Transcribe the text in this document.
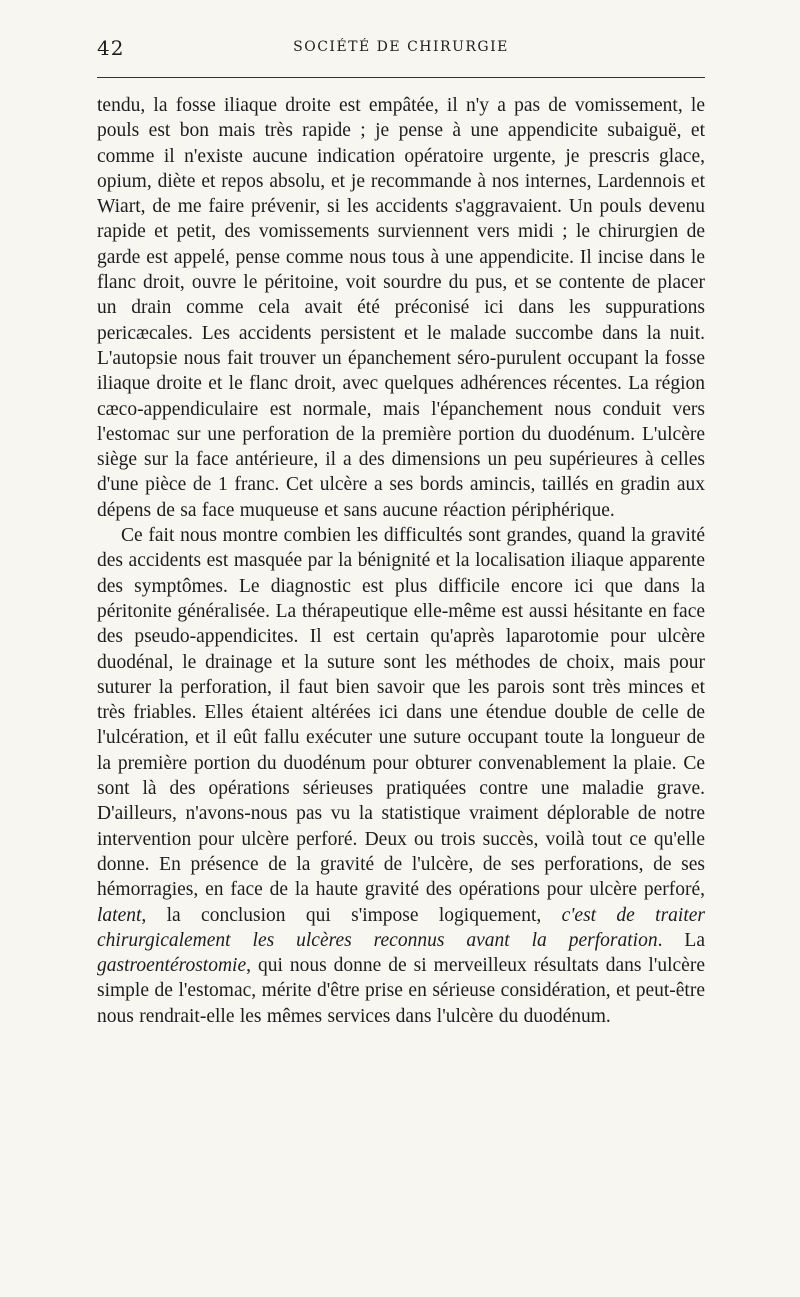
42	SOCIÉTÉ DE CHIRURGIE

tendu, la fosse iliaque droite est empâtée, il n'y a pas de vomissement, le pouls est bon mais très rapide ; je pense à une appendicite subaiguë, et comme il n'existe aucune indication opératoire urgente, je prescris glace, opium, diète et repos absolu, et je recommande à nos internes, Lardennois et Wiart, de me faire prévenir, si les accidents s'aggravaient. Un pouls devenu rapide et petit, des vomissements surviennent vers midi ; le chirurgien de garde est appelé, pense comme nous tous à une appendicite. Il incise dans le flanc droit, ouvre le péritoine, voit sourdre du pus, et se contente de placer un drain comme cela avait été préconisé ici dans les suppurations pericæcales. Les accidents persistent et le malade succombe dans la nuit. L'autopsie nous fait trouver un épanchement séro-purulent occupant la fosse iliaque droite et le flanc droit, avec quelques adhérences récentes. La région cæco-appendiculaire est normale, mais l'épanchement nous conduit vers l'estomac sur une perforation de la première portion du duodénum. L'ulcère siège sur la face antérieure, il a des dimensions un peu supérieures à celles d'une pièce de 1 franc. Cet ulcère a ses bords amincis, taillés en gradin aux dépens de sa face muqueuse et sans aucune réaction périphérique.

Ce fait nous montre combien les difficultés sont grandes, quand la gravité des accidents est masquée par la bénignité et la localisation iliaque apparente des symptômes. Le diagnostic est plus difficile encore ici que dans la péritonite généralisée. La thérapeutique elle-même est aussi hésitante en face des pseudo-appendicites. Il est certain qu'après laparotomie pour ulcère duodénal, le drainage et la suture sont les méthodes de choix, mais pour suturer la perforation, il faut bien savoir que les parois sont très minces et très friables. Elles étaient altérées ici dans une étendue double de celle de l'ulcération, et il eût fallu exécuter une suture occupant toute la longueur de la première portion du duodénum pour obturer convenablement la plaie. Ce sont là des opérations sérieuses pratiquées contre une maladie grave. D'ailleurs, n'avons-nous pas vu la statistique vraiment déplorable de notre intervention pour ulcère perforé. Deux ou trois succès, voilà tout ce qu'elle donne. En présence de la gravité de l'ulcère, de ses perforations, de ses hémorragies, en face de la haute gravité des opérations pour ulcère perforé, latent, la conclusion qui s'impose logiquement, c'est de traiter chirurgicalement les ulcères reconnus avant la perforation. La gastroentérostomie, qui nous donne de si merveilleux résultats dans l'ulcère simple de l'estomac, mérite d'être prise en sérieuse considération, et peut-être nous rendrait-elle les mêmes services dans l'ulcère du duodénum.
